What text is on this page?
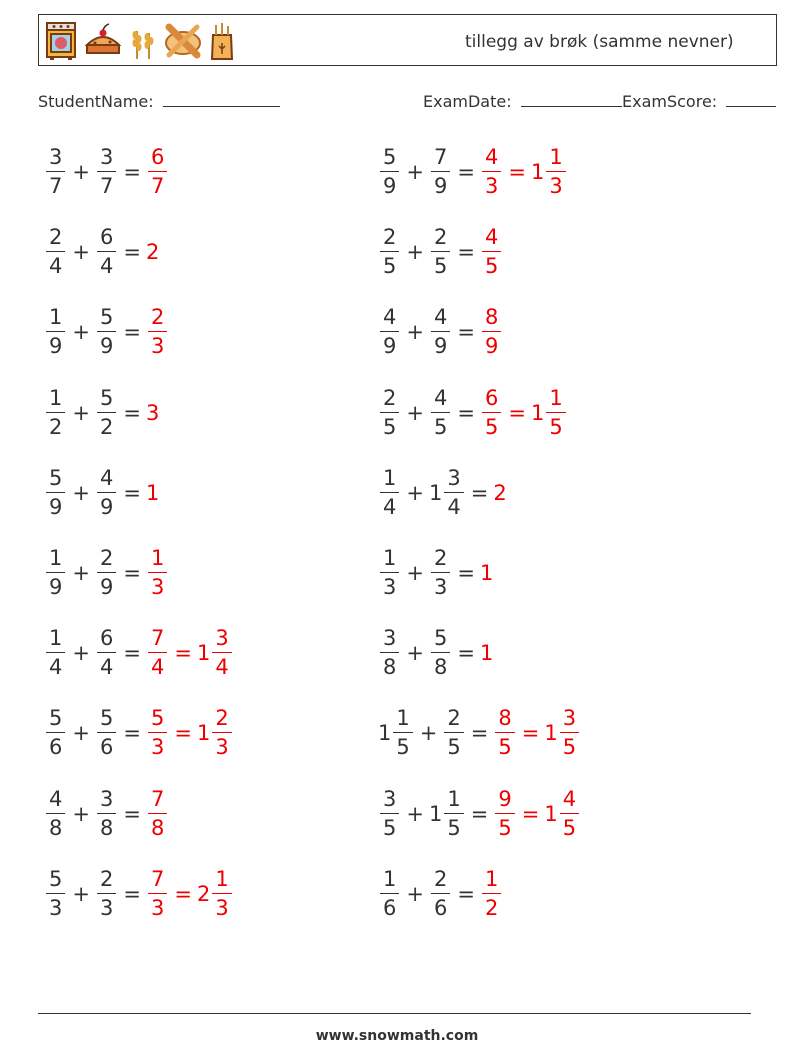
tillegg av brøk (samme nevner)
StudentName:	ExamDate:	ExamScore:
$\frac{3}{7} + \frac{3}{7} = \frac{6}{7}$	$\frac{5}{9} + \frac{7}{9} = \frac{4}{3} = 1 \frac{1}{3}$
$\frac{2}{4} + \frac{6}{4} = 2$	$\frac{2}{5} + \frac{2}{5} = \frac{4}{5}$
$\frac{1}{9} + \frac{5}{9} = \frac{2}{3}$	$\frac{4}{9} + \frac{4}{9} = \frac{8}{9}$
$\frac{1}{2} + \frac{5}{2} = 3$	$\frac{2}{5} + \frac{4}{5} = \frac{6}{5} = 1 \frac{1}{5}$
$\frac{5}{9} + \frac{4}{9} = 1$	$\frac{1}{4} + 1 \frac{3}{4} = 2$
$\frac{1}{9} + \frac{2}{9} = \frac{1}{3}$	$\frac{1}{3} + \frac{2}{3} = 1$
$\frac{1}{4} + \frac{6}{4} = \frac{7}{4} = 1 \frac{3}{4}$	$\frac{3}{8} + \frac{5}{8} = 1$
$\frac{5}{6} + \frac{5}{6} = \frac{5}{3} = 1 \frac{2}{3}$	$1 \frac{1}{5} + \frac{2}{5} = \frac{8}{5} = 1 \frac{3}{5}$
$\frac{4}{8} + \frac{3}{8} = \frac{7}{8}$	$\frac{3}{5} + 1 \frac{1}{5} = \frac{9}{5} = 1 \frac{4}{5}$
$\frac{5}{3} + \frac{2}{3} = \frac{7}{3} = 2 \frac{1}{3}$	$\frac{1}{6} + \frac{2}{6} = \frac{1}{2}$
www.snowmath.com
